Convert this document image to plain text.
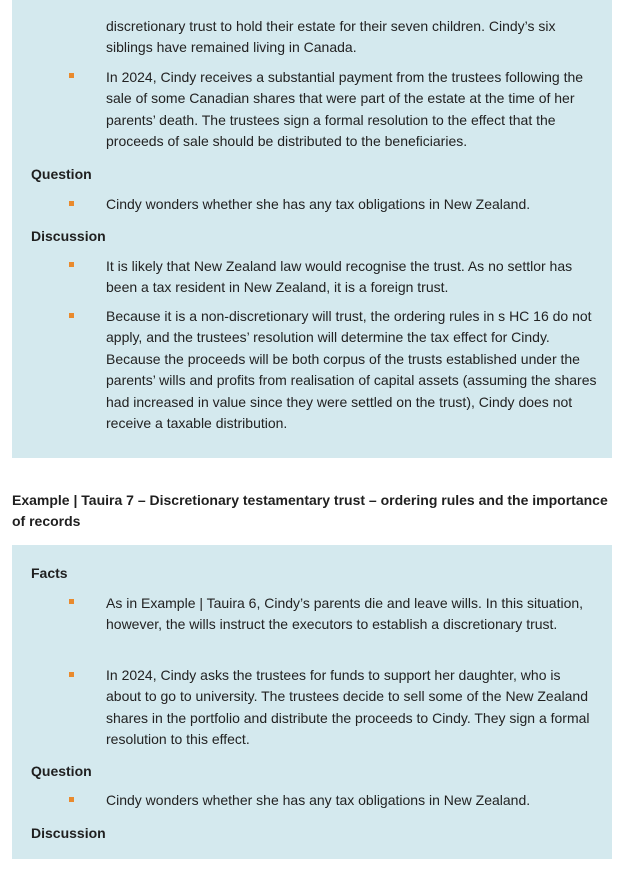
discretionary trust to hold their estate for their seven children. Cindy’s six siblings have remained living in Canada.

In 2024, Cindy receives a substantial payment from the trustees following the sale of some Canadian shares that were part of the estate at the time of her parents’ death. The trustees sign a formal resolution to the effect that the proceeds of sale should be distributed to the beneficiaries.

Question

Cindy wonders whether she has any tax obligations in New Zealand.

Discussion

It is likely that New Zealand law would recognise the trust. As no settlor has been a tax resident in New Zealand, it is a foreign trust.

Because it is a non-discretionary will trust, the ordering rules in s HC 16 do not apply, and the trustees’ resolution will determine the tax effect for Cindy. Because the proceeds will be both corpus of the trusts established under the parents’ wills and profits from realisation of capital assets (assuming the shares had increased in value since they were settled on the trust), Cindy does not receive a taxable distribution.

Example | Tauira 7 – Discretionary testamentary trust – ordering rules and the importance of records
Facts

As in Example | Tauira 6, Cindy’s parents die and leave wills. In this situation, however, the wills instruct the executors to establish a discretionary trust.

In 2024, Cindy asks the trustees for funds to support her daughter, who is about to go to university. The trustees decide to sell some of the New Zealand shares in the portfolio and distribute the proceeds to Cindy. They sign a formal resolution to this effect.

Question

Cindy wonders whether she has any tax obligations in New Zealand.

Discussion
